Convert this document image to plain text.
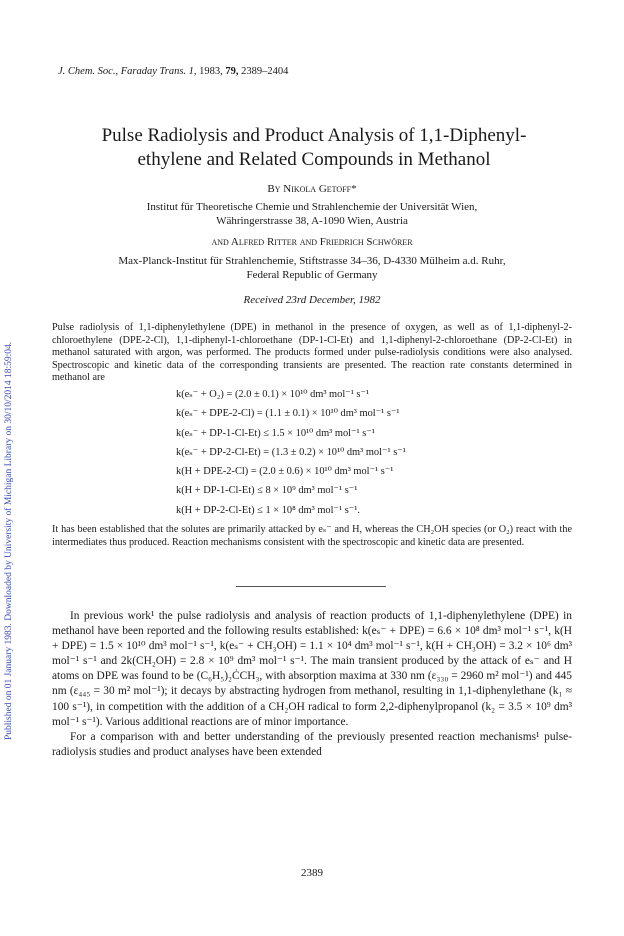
Published on 01 January 1983. Downloaded by University of Michigan Library on 30/10/2014 18:59:04.
J. Chem. Soc., Faraday Trans. 1, 1983, 79, 2389–2404
Pulse Radiolysis and Product Analysis of 1,1-Diphenyl-
ethylene and Related Compounds in Methanol
By Nikola Getoff*
Institut für Theoretische Chemie und Strahlenchemie der Universität Wien,
Währingerstrasse 38, A-1090 Wien, Austria
and Alfred Ritter and Friedrich Schwörer
Max-Planck-Institut für Strahlenchemie, Stiftstrasse 34–36, D-4330 Mülheim a.d. Ruhr,
Federal Republic of Germany
Received 23rd December, 1982
Pulse radiolysis of 1,1-diphenylethylene (DPE) in methanol in the presence of oxygen, as well as of 1,1-diphenyl-2-chloroethylene (DPE-2-Cl), 1,1-diphenyl-1-chloroethane (DP-1-Cl-Et) and 1,1-diphenyl-2-chloroethane (DP-2-Cl-Et) in methanol saturated with argon, was performed. The products formed under pulse-radiolysis conditions were also analysed. Spectroscopic and kinetic data of the corresponding transients are presented. The reaction rate constants determined in methanol are
k(eₛ⁻ + O₂) = (2.0 ± 0.1) × 10¹⁰ dm³ mol⁻¹ s⁻¹
k(eₛ⁻ + DPE-2-Cl) = (1.1 ± 0.1) × 10¹⁰ dm³ mol⁻¹ s⁻¹
k(eₛ⁻ + DP-1-Cl-Et) ≤ 1.5 × 10¹⁰ dm³ mol⁻¹ s⁻¹
k(eₛ⁻ + DP-2-Cl-Et) = (1.3 ± 0.2) × 10¹⁰ dm³ mol⁻¹ s⁻¹
k(H + DPE-2-Cl) = (2.0 ± 0.6) × 10¹⁰ dm³ mol⁻¹ s⁻¹
k(H + DP-1-Cl-Et) ≤ 8 × 10⁹ dm³ mol⁻¹ s⁻¹
k(H + DP-2-Cl-Et) ≤ 1 × 10⁸ dm³ mol⁻¹ s⁻¹.
It has been established that the solutes are primarily attacked by eₛ⁻ and H, whereas the CH₂OH species (or O₂) react with the intermediates thus produced. Reaction mechanisms consistent with the spectroscopic and kinetic data are presented.

In previous work¹ the pulse radiolysis and analysis of reaction products of 1,1-diphenylethylene (DPE) in methanol have been reported and the following results established: k(eₛ⁻ + DPE) = 6.6 × 10⁸ dm³ mol⁻¹ s⁻¹, k(H + DPE) = 1.5 × 10¹⁰ dm³ mol⁻¹ s⁻¹, k(eₛ⁻ + CH₃OH) = 1.1 × 10⁴ dm³ mol⁻¹ s⁻¹, k(H + CH₃OH) = 3.2 × 10⁶ dm³ mol⁻¹ s⁻¹ and 2k(CH₂OH) = 2.8 × 10⁹ dm³ mol⁻¹ s⁻¹. The main transient produced by the attack of eₛ⁻ and H atoms on DPE was found to be (C₆H₅)₂ĊCH₃, with absorption maxima at 330 nm (ε₃₃₀ = 2960 m² mol⁻¹) and 445 nm (ε₄₄₅ = 30 m² mol⁻¹); it decays by abstracting hydrogen from methanol, resulting in 1,1-diphenylethane (k₁ ≈ 100 s⁻¹), in competition with the addition of a CH₂OH radical to form 2,2-diphenylpropanol (k₂ = 3.5 × 10⁹ dm³ mol⁻¹ s⁻¹). Various additional reactions are of minor importance.

For a comparison with and better understanding of the previously presented reaction mechanisms¹ pulse-radiolysis studies and product analyses have been extended

2389
